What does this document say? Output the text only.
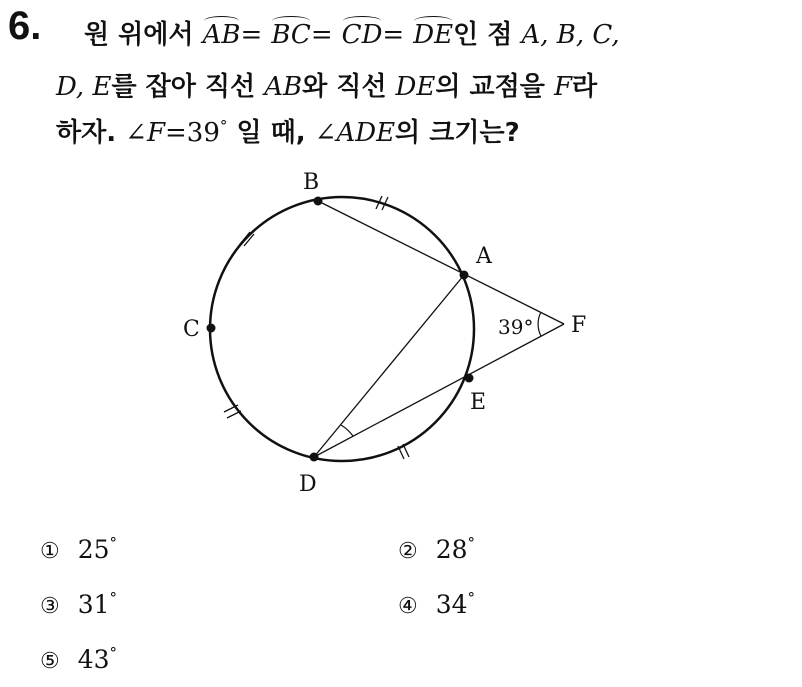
6. 원 위에서 AB= BC= CD= DE인 점 A, B, C,
D, E를 잡아 직선 AB와 직선 DE의 교점을 F라
하자. ∠F=39° 일 때, ∠ADE의 크기는?
B
A
C
E
D
F
39°
① 25°	② 28°
③ 31°	④ 34°
⑤ 43°
